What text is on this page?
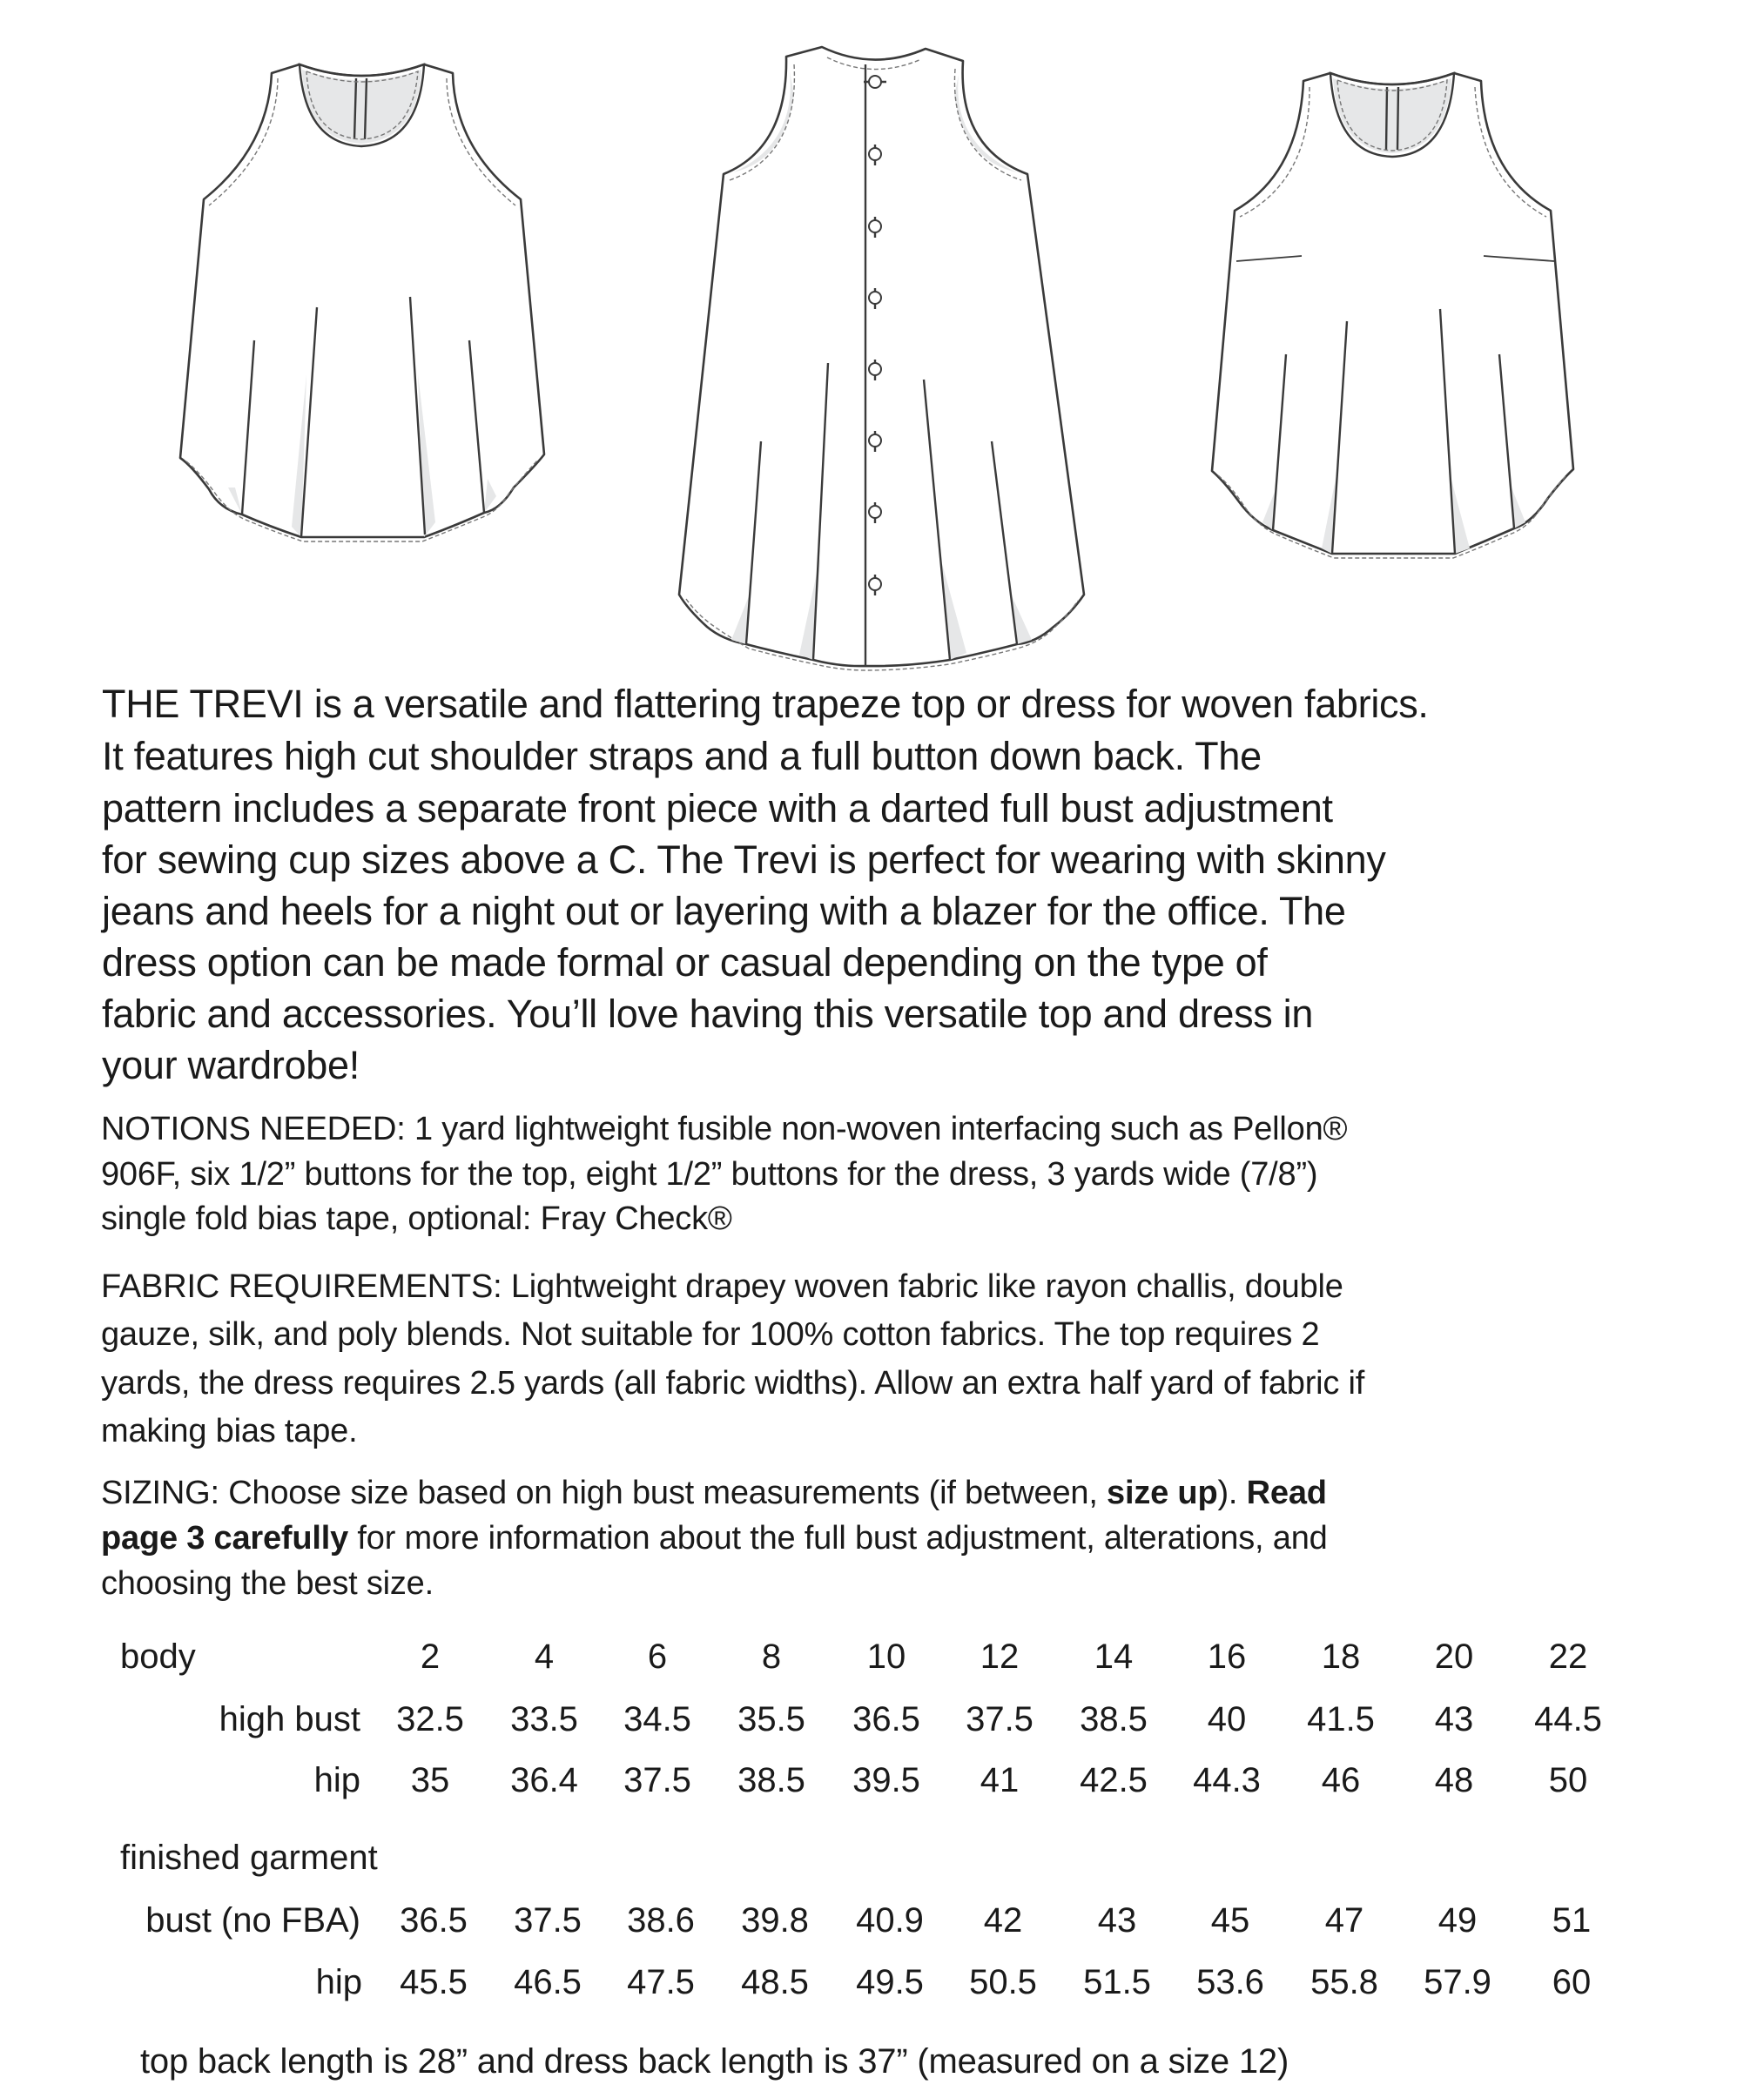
THE TREVI is a versatile and flattering trapeze top or dress for woven fabrics.
It features high cut shoulder straps and a full button down back. The
pattern includes a separate front piece with a darted full bust adjustment
for sewing cup sizes above a C. The Trevi is perfect for wearing with skinny
jeans and heels for a night out or layering with a blazer for the office. The
dress option can be made formal or casual depending on the type of
fabric and accessories. You’ll love having this versatile top and dress in
your wardrobe!
NOTIONS NEEDED: 1 yard lightweight fusible non-woven interfacing such as Pellon®
906F, six 1/2” buttons for the top, eight 1/2” buttons for the dress, 3 yards wide (7/8”)
single fold bias tape, optional: Fray Check®
FABRIC REQUIREMENTS: Lightweight drapey woven fabric like rayon challis, double
gauze, silk, and poly blends. Not suitable for 100% cotton fabrics. The top requires 2
yards, the dress requires 2.5 yards (all fabric widths). Allow an extra half yard of fabric if
making bias tape.
SIZING: Choose size based on high bust measurements (if between, size up). Read
page 3 carefully for more information about the full bust adjustment, alterations, and
choosing the best size.
body	2	4	6	8 10 12 14 16 18 20 22
high bust 32.5 33.5 34.5 35.5 36.5 37.5 38.5 40 41.5 43 44.5
hip 35 36.4 37.5 38.5 39.5 41 42.5 44.3 46 48 50
finished garment
bust (no FBA) 36.5 37.5 38.6 39.8 40.9 42 43 45 47 49 51
hip 45.5 46.5 47.5 48.5 49.5 50.5 51.5 53.6 55.8 57.9 60
top back length is 28” and dress back length is 37” (measured on a size 12)
